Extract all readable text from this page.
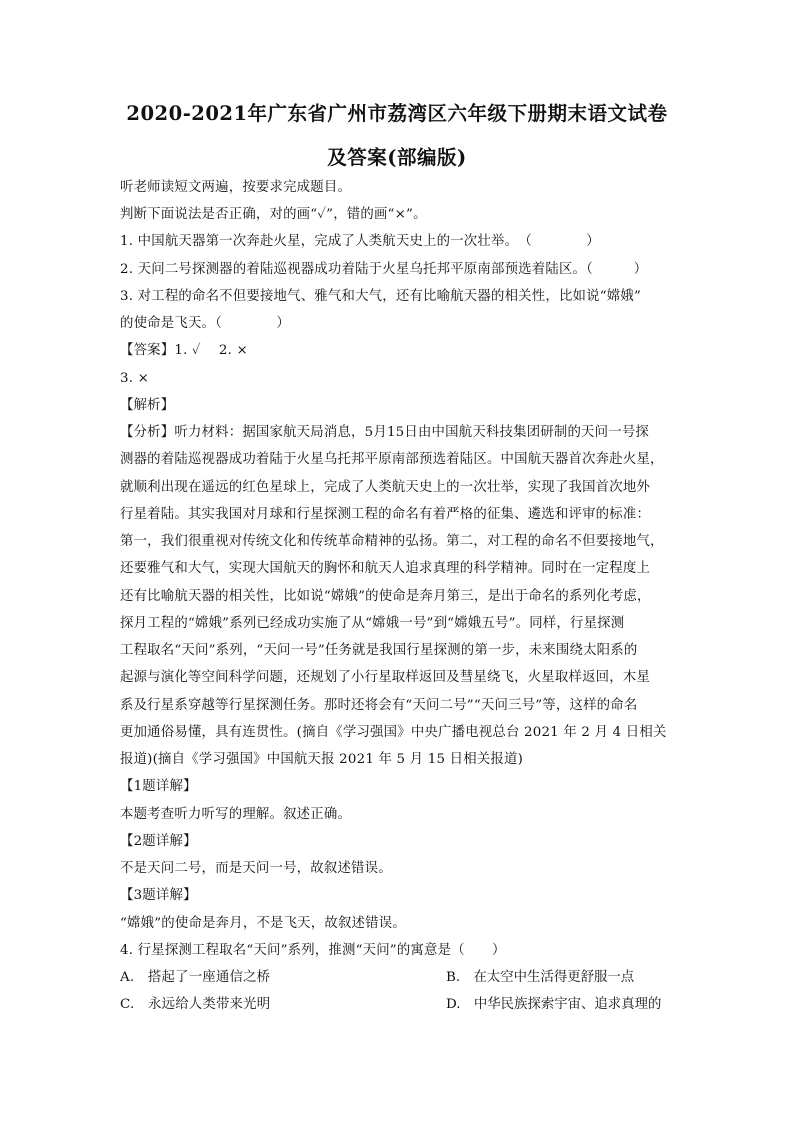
2020-2021年广东省广州市荔湾区六年级下册期末语文试卷
及答案(部编版)
听老师读短文两遍，按要求完成题目。
判断下面说法是否正确，对的画“✓”，错的画“×”。
1. 中国航天器第一次奔赴火星，完成了人类航天史上的一次壮举。　（　　　　）
2. 天问二号探测器的着陆巡视器成功着陆于火星乌托邦平原南部预选着陆区。（　　　）
3. 对工程的命名不但要接地气、雅气和大气，还有比喻航天器的相关性，比如说“嫦娥”
的使命是飞天。（　　　　）
【答案】1. ✓　 2. ×
3. ×
【解析】
【分析】听力材料：据国家航天局消息，5月15日由中国航天科技集团研制的天问一号探
测器的着陆巡视器成功着陆于火星乌托邦平原南部预选着陆区。中国航天器首次奔赴火星，
就顺利出现在遥远的红色星球上，完成了人类航天史上的一次壮举，实现了我国首次地外
行星着陆。其实我国对月球和行星探测工程的命名有着严格的征集、遴选和评审的标准：
第一，我们很重视对传统文化和传统革命精神的弘扬。第二，对工程的命名不但要接地气，
还要雅气和大气，实现大国航天的胸怀和航天人追求真理的科学精神。同时在一定程度上
还有比喻航天器的相关性，比如说“嫦娥”的使命是奔月第三，是出于命名的系列化考虑，
探月工程的“嫦娥”系列已经成功实施了从“嫦娥一号”到“嫦娥五号”。同样，行星探测
工程取名“天问”系列，“天问一号”任务就是我国行星探测的第一步，未来围绕太阳系的
起源与演化等空间科学问题，还规划了小行星取样返回及彗星绕飞，火星取样返回，木星
系及行星系穿越等行星探测任务。那时还将会有“天问二号”“天问三号”等，这样的命名
更加通俗易懂，具有连贯性。(摘自《学习强国》中央广播电视总台 2021 年 2 月 4 日相关
报道)(摘自《学习强国》中国航天报 2021 年 5 月 15 日相关报道)
【1题详解】
本题考查听力听写的理解。叙述正确。
【2题详解】
不是天问二号，而是天问一号，故叙述错误。
【3题详解】
“嫦娥”的使命是奔月，不是飞天，故叙述错误。
4. 行星探测工程取名“天问”系列，推测“天问”的寓意是（　　）
A.　搭起了一座通信之桥	B.　在太空中生活得更舒服一点
C.　永远给人类带来光明	D.　中华民族探索宇宙、追求真理的
